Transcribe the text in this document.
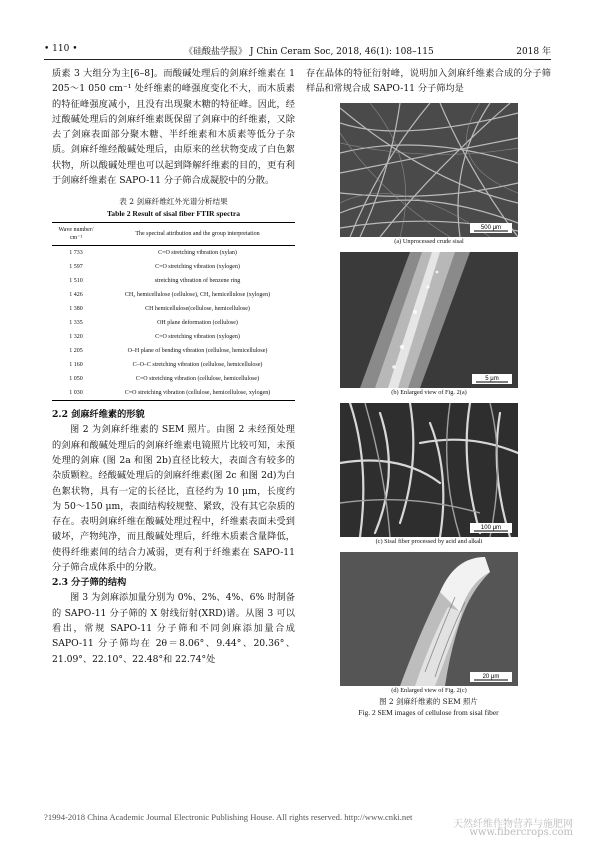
• 110 •	《硅酸盐学报》 J Chin Ceram Soc, 2018, 46(1): 108–115	2018 年

质素 3 大组分为主[6–8]。而酸碱处理后的剑麻纤维素在 1 205～1 050 cm⁻¹ 处纤维素的峰强度变化不大，而木质素的特征峰强度减小，且没有出现聚木糖的特征峰。因此，经过酸碱处理后的剑麻纤维素既保留了剑麻中的纤维素，又除去了剑麻表面部分聚木糖、半纤维素和木质素等低分子杂质。剑麻纤维经酸碱处理后，由原来的丝状物变成了白色絮状物，所以酸碱处理也可以起到降解纤维素的目的，更有利于剑麻纤维素在 SAPO-11 分子筛合成凝胶中的分散。

表 2 剑麻纤维红外光谱分析结果
Table 2 Result of sisal fiber FTIR spectra
Wave number/ cm⁻¹	The spectral attribution and the group interpretation
1 733	C=O stretching vibration (xylan)
1 597	C=O stretching vibration (xylogen)
1 510	stretching vibration of benzene ring
1 426	CH₂ hemicellulose (cellulose), CH₂ hemicellulose (xylogen)
1 380	CH hemicellulose(cellulose, hemicellulose)
1 335	OH plane deformation (cellulose)
1 320	C=O stretching vibration (xylogen)
1 205	O–H plane of bending vibration (cellulose, hemicellulose)
1 160	C–O–C stretching vibration (cellulose, hemicellulose)
1 050	C=O stretching vibration (cellulose, hemicellulose)
1 030	C=O stretching vibration (cellulose, hemicellulose, xylogen)
2.2 剑麻纤维素的形貌

图 2 为剑麻纤维素的 SEM 照片。由图 2 未经预处理的剑麻和酸碱处理后的剑麻纤维素电镜照片比较可知，未预处理的剑麻 (图 2a 和图 2b)直径比较大，表面含有较多的杂质颗粒。经酸碱处理后的剑麻纤维素(图 2c 和图 2d)为白色絮状物，具有一定的长径比，直径约为 10 μm，长度约为 50～150 μm，表面结构较规整、紧致，没有其它杂质的存在。表明剑麻纤维在酸碱处理过程中，纤维素表面未受到破坏，产物纯净，而且酸碱处理后，纤维木质素含量降低，使得纤维素间的结合力减弱，更有利于纤维素在 SAPO-11 分子筛合成体系中的分散。

2.3 分子筛的结构

图 3 为剑麻添加量分别为 0%、2%、4%、6% 时制备的 SAPO-11 分子筛的 X 射线衍射(XRD)谱。从图 3 可以看出，常规 SAPO-11 分子筛和不同剑麻添加量合成 SAPO-11 分子筛均在 2θ＝8.06°、9.44°、20.36°、21.09°、22.10°、22.48°和 22.74°处

存在晶体的特征衍射峰，说明加入剑麻纤维素合成的分子筛样品和常规合成 SAPO-11 分子筛均是

500 μm
(a) Unprocessed crude sisal
5 μm
(b) Enlarged view of Fig. 2(a)
100 μm
(c) Sisal fiber processed by acid and alkali
20 μm
(d) Enlarged view of Fig. 2(c)
图 2 剑麻纤维素的 SEM 照片
Fig. 2 SEM images of cellulose from sisal fiber
?1994-2018 China Academic Journal Electronic Publishing House. All rights reserved. http://www.cnki.net
天然纤维作物营养与施肥网
www.fibercrops.com
